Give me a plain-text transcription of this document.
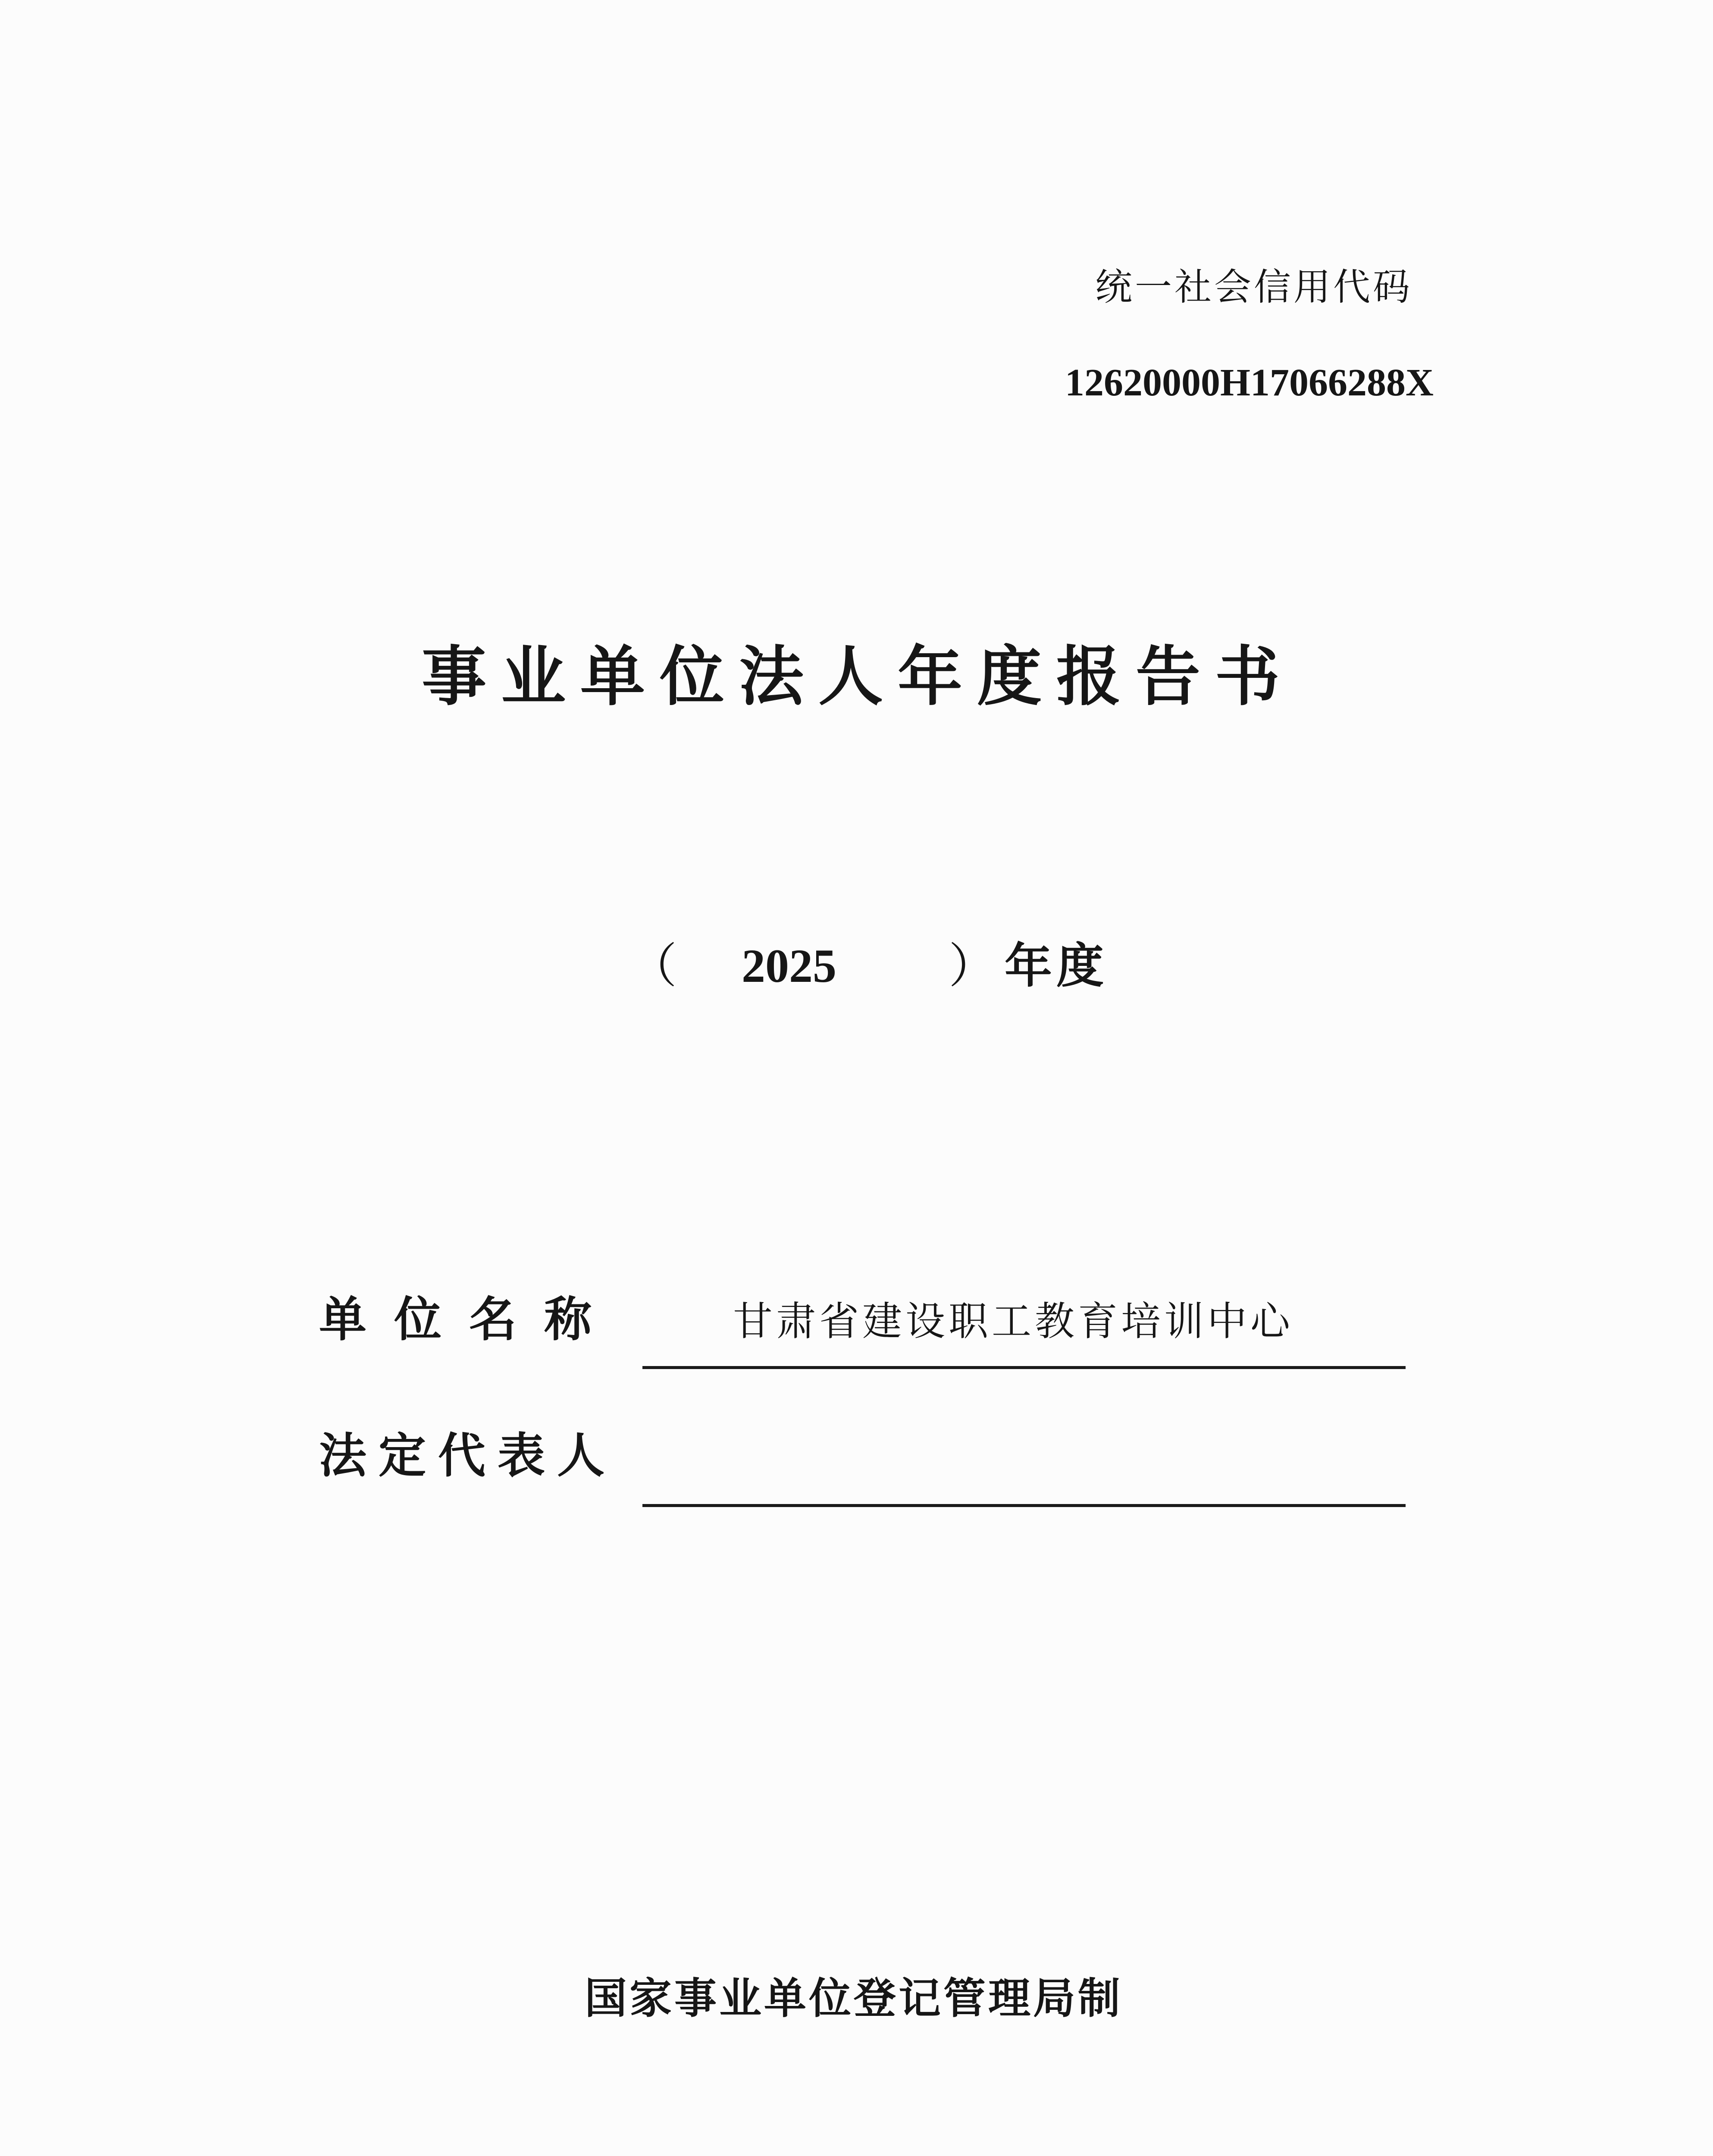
统一社会信用代码
12620000H17066288X
事业单位法人年度报告书
（ 2025 ） 年度
单位名称	甘肃省建设职工教育培训中心
法定代表人
国家事业单位登记管理局制
